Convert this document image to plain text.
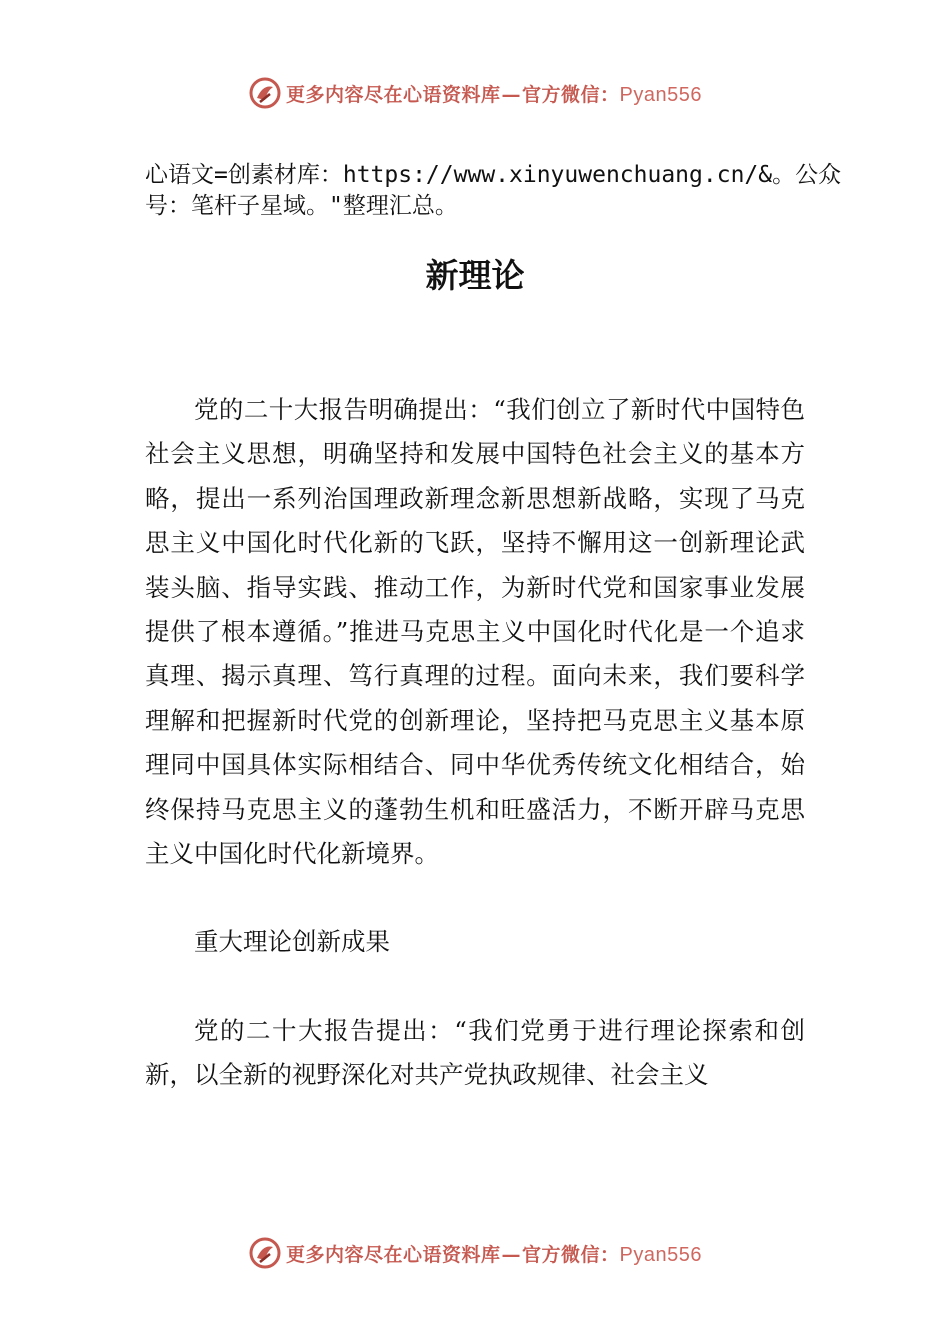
更多内容尽在心语资料库—官方微信：Pyan556
心语文=创素材库：https://www.xinyuwenchuang.cn/&。公众号：笔杆子星域。"整理汇总。
新理论

党的二十大报告明确提出：“我们创立了新时代中国特色社会主义思想，明确坚持和发展中国特色社会主义的基本方略，提出一系列治国理政新理念新思想新战略，实现了马克思主义中国化时代化新的飞跃，坚持不懈用这一创新理论武装头脑、指导实践、推动工作，为新时代党和国家事业发展提供了根本遵循。”推进马克思主义中国化时代化是一个追求真理、揭示真理、笃行真理的过程。面向未来，我们要科学理解和把握新时代党的创新理论，坚持把马克思主义基本原理同中国具体实际相结合、同中华优秀传统文化相结合，始终保持马克思主义的蓬勃生机和旺盛活力，不断开辟马克思主义中国化时代化新境界。

重大理论创新成果

党的二十大报告提出：“我们党勇于进行理论探索和创新，以全新的视野深化对共产党执政规律、社会主义

更多内容尽在心语资料库—官方微信：Pyan556
